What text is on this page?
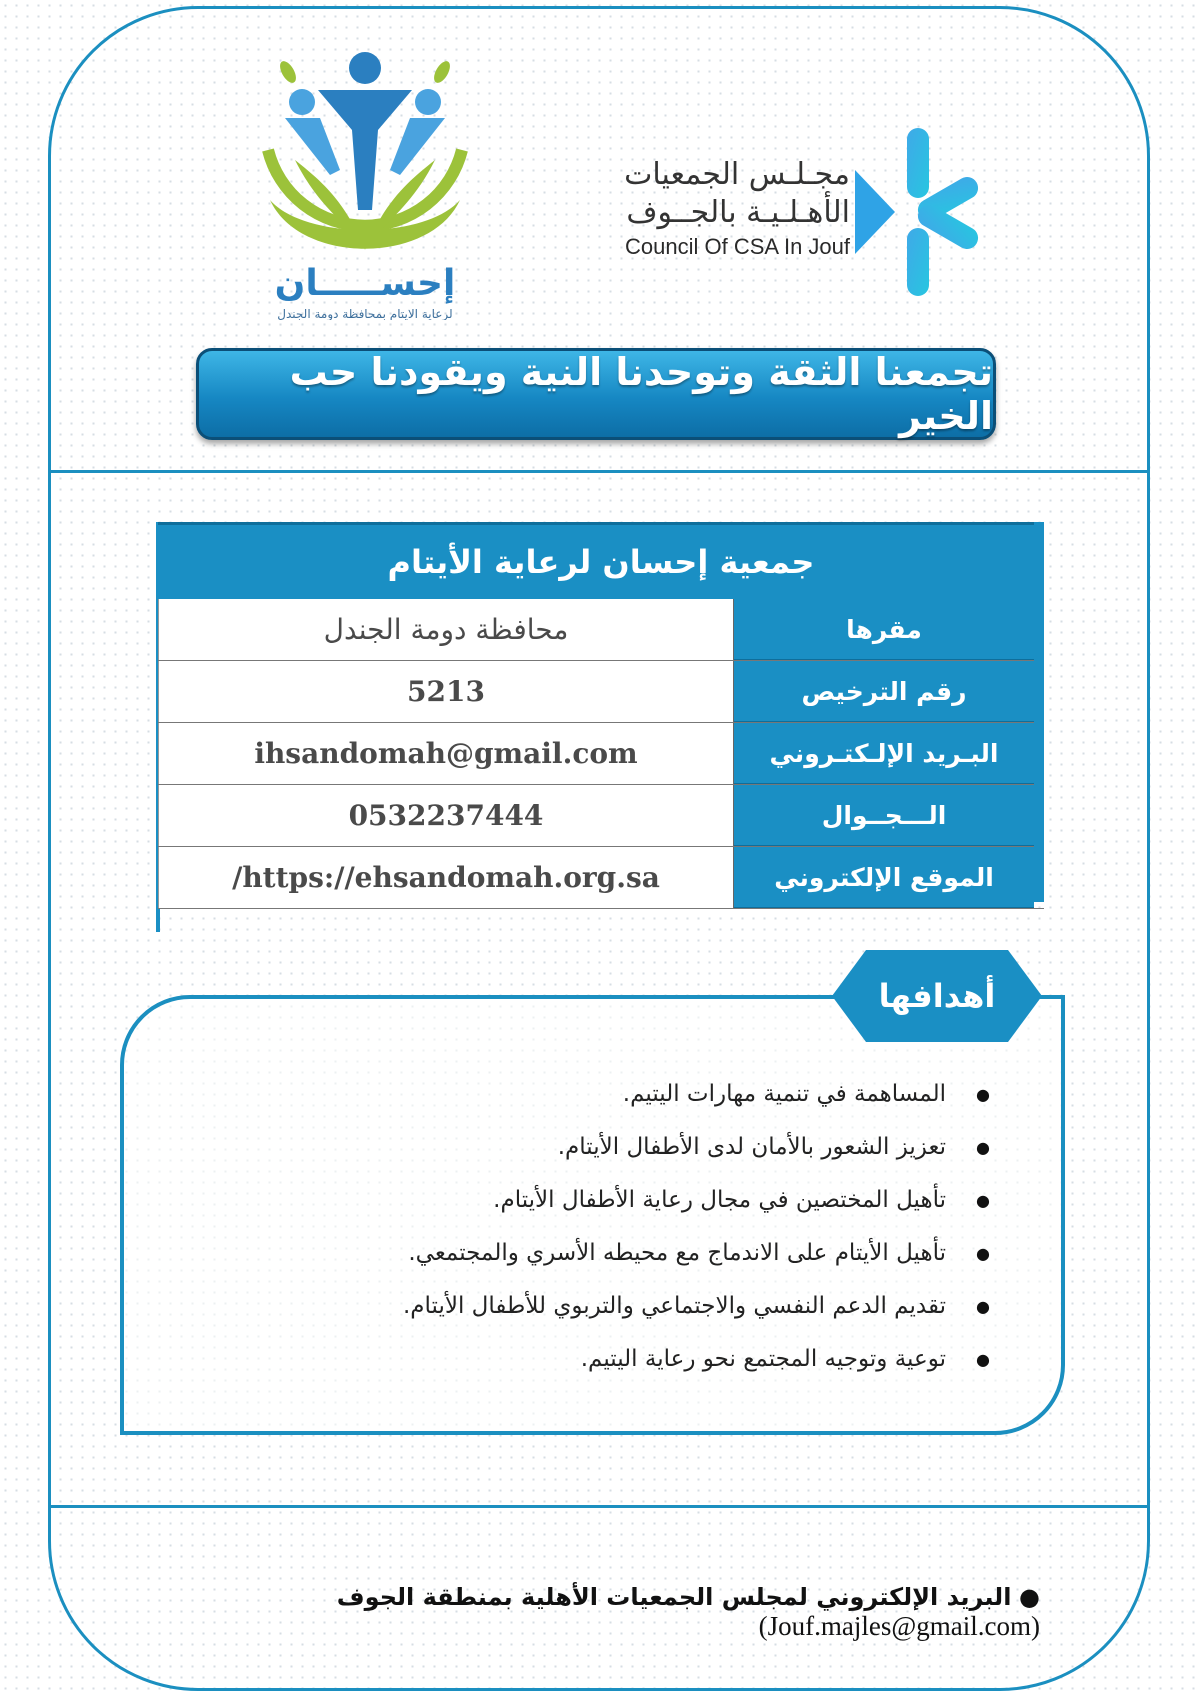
مجـلـس الجمعيات
الأهـلـيـة بالجــوف
Council Of CSA In Jouf
إحســـــان
لرعاية الايتام بمحافظة دومة الجندل
تجمعنا الثقة وتوحدنا النية ويقودنا حب الخير
جمعية إحسان لرعاية الأيتام
محافظة دومة الجندل	مقرها
5213	رقم الترخيص
ihsandomah@gmail.com	البـريد الإلـكتـروني
0532237444	الـــجــوال
/https://ehsandomah.org.sa	الموقع الإلكتروني
أهدافها
● المساهمة في تنمية مهارات اليتيم.
● تعزيز الشعور بالأمان لدى الأطفال الأيتام.
● تأهيل المختصين في مجال رعاية الأطفال الأيتام.
● تأهيل الأيتام على الاندماج مع محيطه الأسري والمجتمعي.
● تقديم الدعم النفسي والاجتماعي والتربوي للأطفال الأيتام.
● توعية وتوجيه المجتمع نحو رعاية اليتيم.
● البريد الإلكتروني لمجلس الجمعيات الأهلية بمنطقة الجوف (Jouf.majles@gmail.com)
